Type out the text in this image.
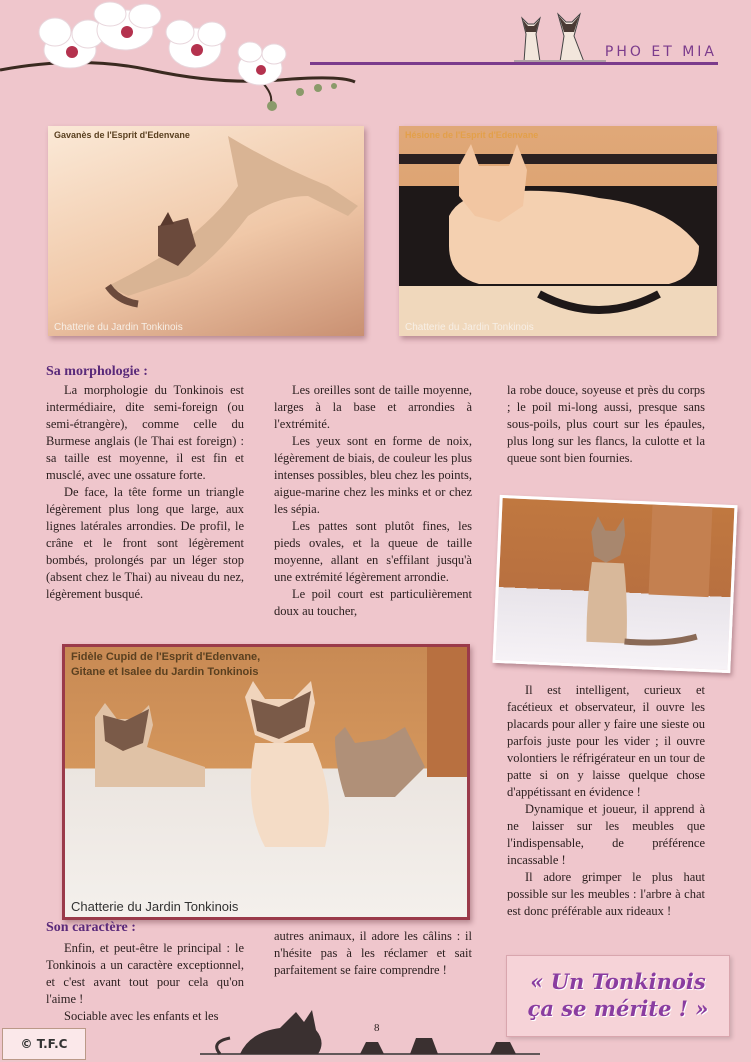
PHO ET MIA
Gavanès de l'Esprit d'Edenvane
Chatterie du Jardin Tonkinois
Hésione de l'Esprit d'Edenvane
Chatterie du Jardin Tonkinois
Fidèle Cupid de l'Esprit d'Edenvane,
Gitane et Isalee du Jardin Tonkinois
Chatterie du Jardin Tonkinois
Sa morphologie :

La morphologie du Tonkinois est intermédiaire, dite semi-foreign (ou semi-étrangère), comme celle du Burmese anglais (le Thai est foreign) : sa taille est moyenne, il est fin et musclé, avec une ossature forte.

De face, la tête forme un triangle légèrement plus long que large, aux lignes latérales arrondies. De profil, le crâne et le front sont légèrement bombés, prolongés par un léger stop (absent chez le Thai) au niveau du nez, légèrement busqué.

Les oreilles sont de taille moyenne, larges à la base et arrondies à l'extrémité.

Les yeux sont en forme de noix, légèrement de biais, de couleur les plus intenses possibles, bleu chez les points, aigue-marine chez les minks et or chez les sépia.

Les pattes sont plutôt fines, les pieds ovales, et la queue de taille moyenne, allant en s'effilant jusqu'à une extrémité légèrement arrondie.

Le poil court est particulièrement doux au toucher,

la robe douce, soyeuse et près du corps ; le poil mi-long aussi, presque sans sous-poils, plus court sur les épaules, plus long sur les flancs, la culotte et la queue sont bien fournies.

Son caractère :

Enfin, et peut-être le principal : le Tonkinois a un caractère exceptionnel, et c'est avant tout pour cela qu'on l'aime !

Sociable avec les enfants et les

autres animaux, il adore les câlins : il n'hésite pas à les réclamer et sait parfaitement se faire comprendre !

Il est intelligent, curieux et facétieux et observateur, il ouvre les placards pour aller y faire une sieste ou parfois juste pour les vider ; il ouvre volontiers le réfrigérateur en un tour de patte si on y laisse quelque chose d'appétissant en évidence !

Dynamique et joueur, il apprend à ne laisser sur les meubles que l'indispensable, de préférence incassable !

Il adore grimper le plus haut possible sur les meubles : l'arbre à chat est donc préférable aux rideaux !

« Un Tonkinois
ça se mérite ! »
8
© T.F.C
